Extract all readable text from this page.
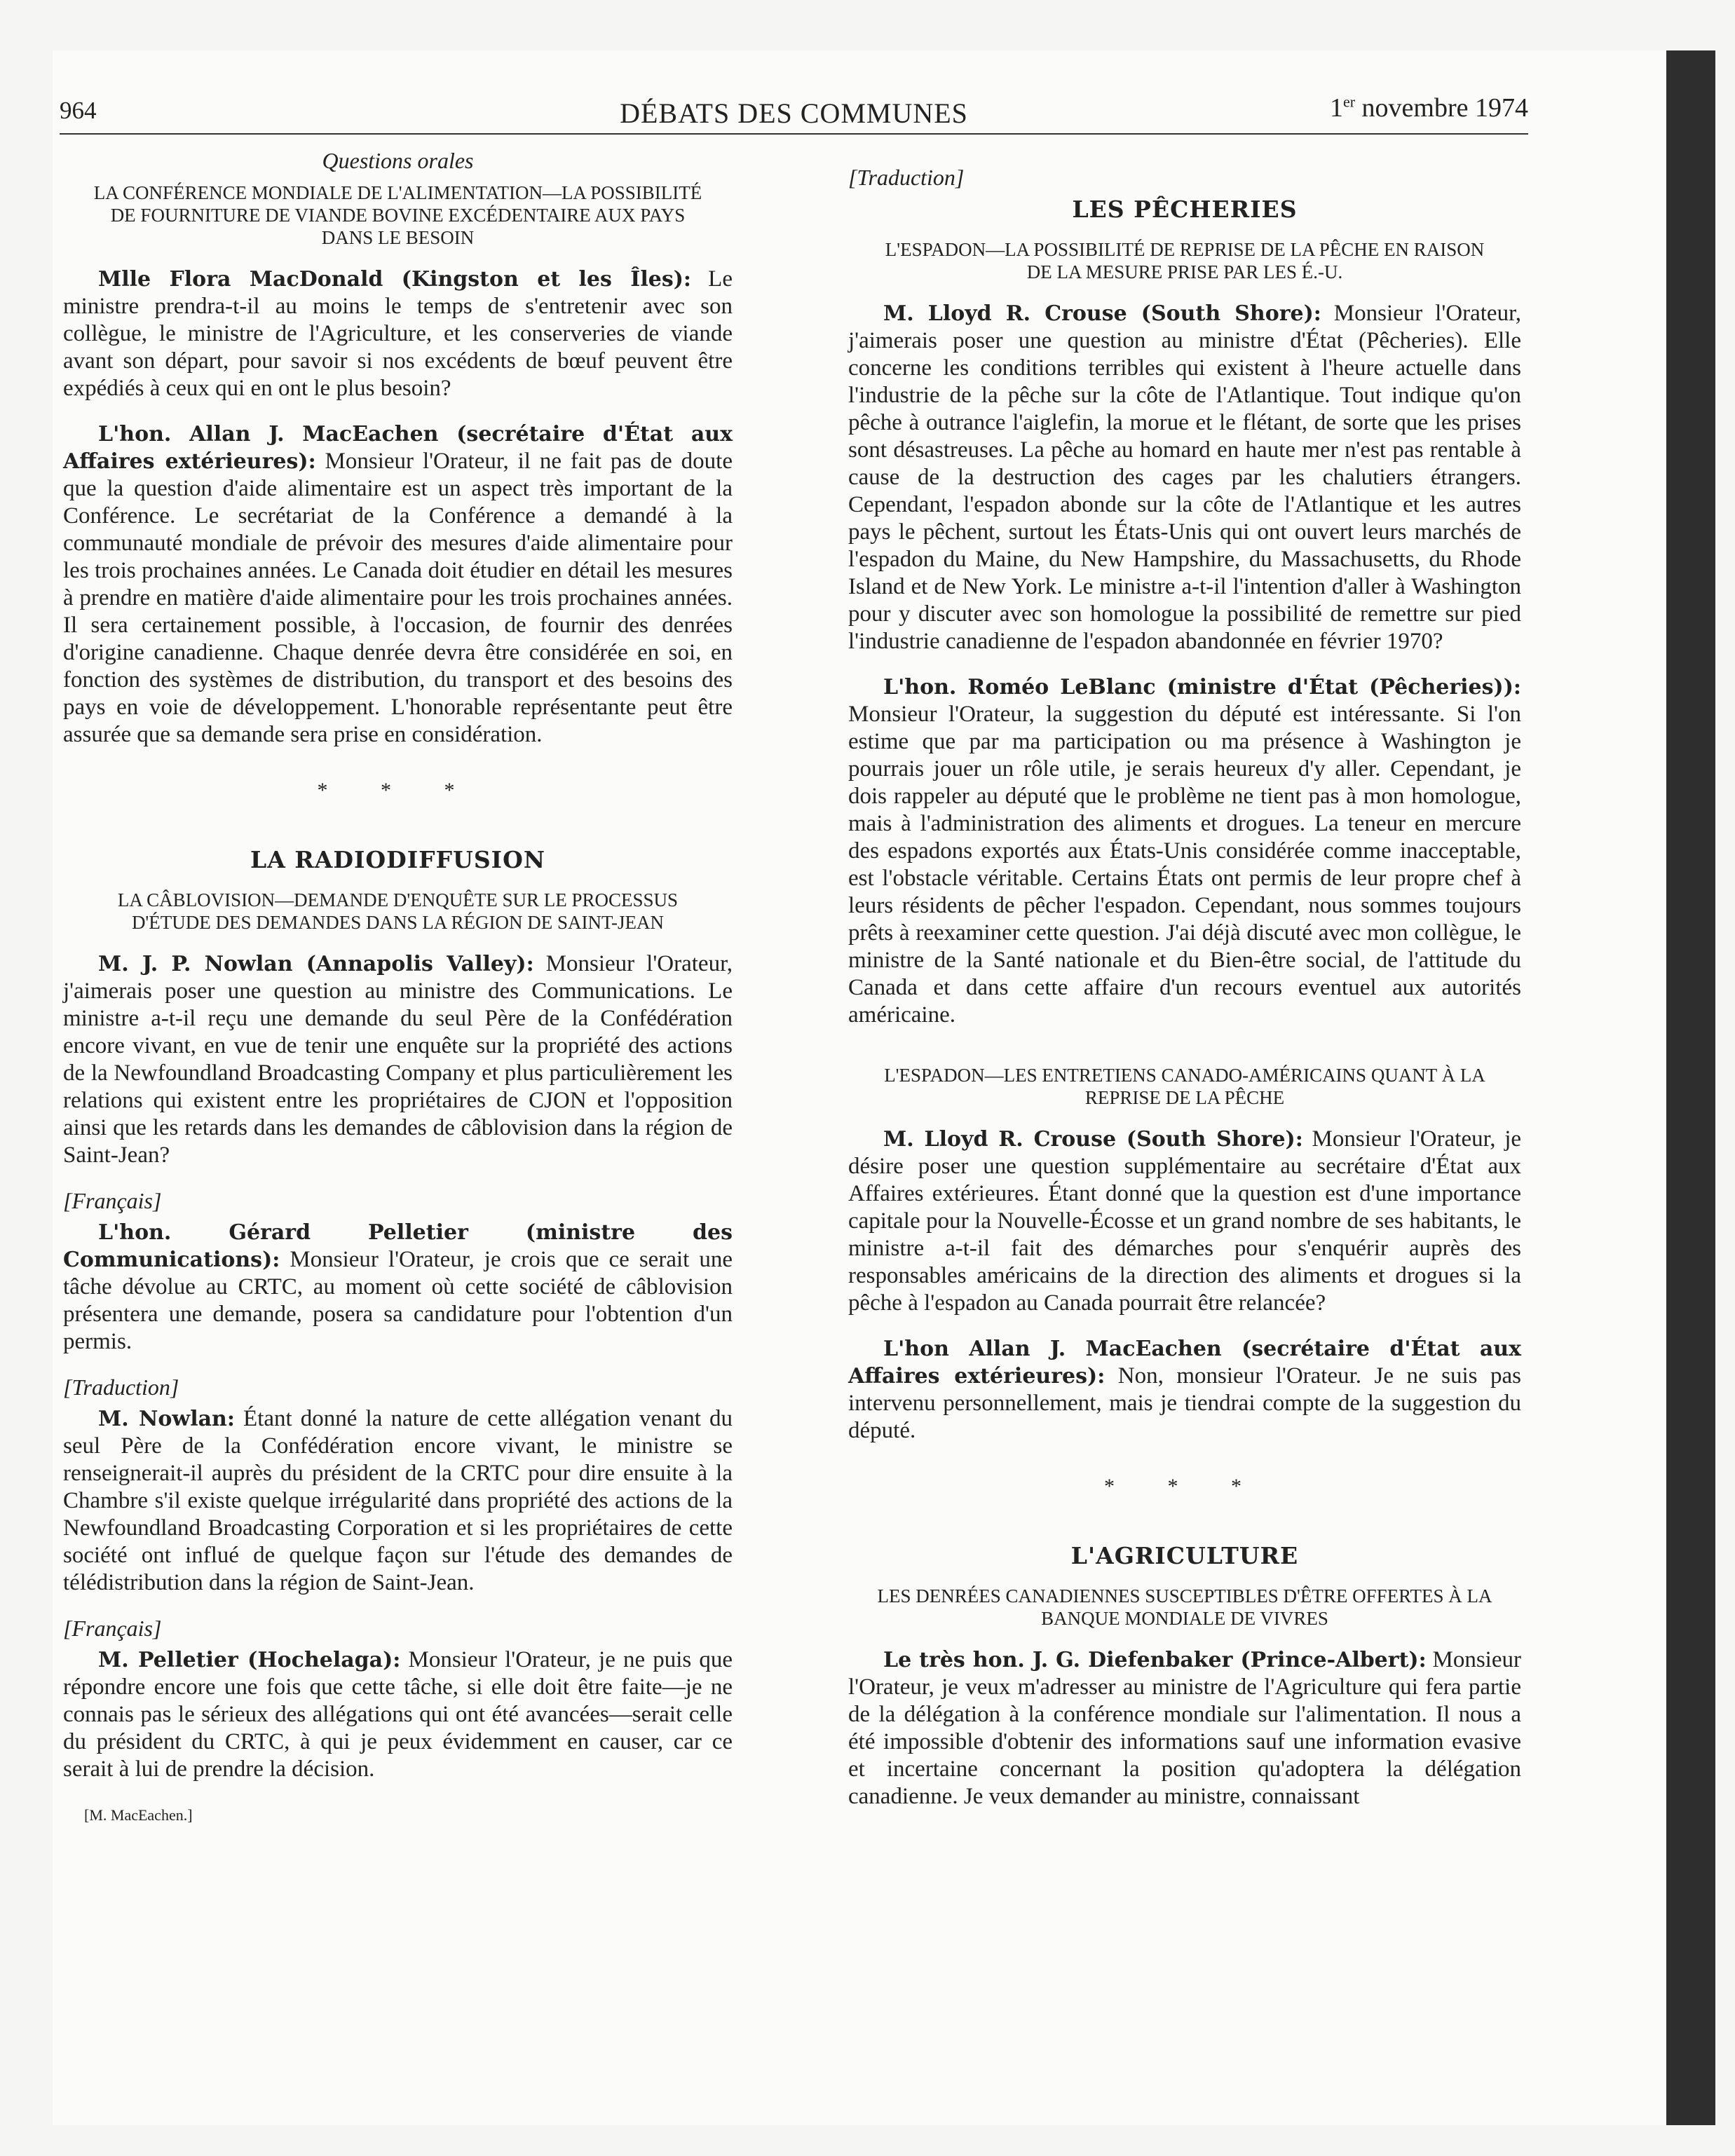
964	DÉBATS DES COMMUNES	1er novembre 1974
Questions orales
LA CONFÉRENCE MONDIALE DE L'ALIMENTATION—LA POSSIBILITÉ DE FOURNITURE DE VIANDE BOVINE EXCÉDENTAIRE AUX PAYS DANS LE BESOIN

Mlle Flora MacDonald (Kingston et les Îles): Le ministre prendra-t-il au moins le temps de s'entretenir avec son collègue, le ministre de l'Agriculture, et les conserveries de viande avant son départ, pour savoir si nos excédents de bœuf peuvent être expédiés à ceux qui en ont le plus besoin?

L'hon. Allan J. MacEachen (secrétaire d'État aux Affaires extérieures): Monsieur l'Orateur, il ne fait pas de doute que la question d'aide alimentaire est un aspect très important de la Conférence. Le secrétariat de la Conférence a demandé à la communauté mondiale de prévoir des mesures d'aide alimentaire pour les trois prochaines années. Le Canada doit étudier en détail les mesures à prendre en matière d'aide alimentaire pour les trois prochaines années. Il sera certainement possible, à l'occasion, de fournir des denrées d'origine canadienne. Chaque denrée devra être considérée en soi, en fonction des systèmes de distribution, du transport et des besoins des pays en voie de développement. L'honorable représentante peut être assurée que sa demande sera prise en considération.

* * *
LA RADIODIFFUSION
LA CÂBLOVISION—DEMANDE D'ENQUÊTE SUR LE PROCESSUS D'ÉTUDE DES DEMANDES DANS LA RÉGION DE SAINT-JEAN

M. J. P. Nowlan (Annapolis Valley): Monsieur l'Orateur, j'aimerais poser une question au ministre des Communications. Le ministre a-t-il reçu une demande du seul Père de la Confédération encore vivant, en vue de tenir une enquête sur la propriété des actions de la Newfoundland Broadcasting Company et plus particulièrement les relations qui existent entre les propriétaires de CJON et l'opposition ainsi que les retards dans les demandes de câblovision dans la région de Saint-Jean?

[Français]

L'hon. Gérard Pelletier (ministre des Communications): Monsieur l'Orateur, je crois que ce serait une tâche dévolue au CRTC, au moment où cette société de câblovision présentera une demande, posera sa candidature pour l'obtention d'un permis.

[Traduction]

M. Nowlan: Étant donné la nature de cette allégation venant du seul Père de la Confédération encore vivant, le ministre se renseignerait-il auprès du président de la CRTC pour dire ensuite à la Chambre s'il existe quelque irrégularité dans propriété des actions de la Newfoundland Broadcasting Corporation et si les propriétaires de cette société ont influé de quelque façon sur l'étude des demandes de télédistribution dans la région de Saint-Jean.

[Français]

M. Pelletier (Hochelaga): Monsieur l'Orateur, je ne puis que répondre encore une fois que cette tâche, si elle doit être faite—je ne connais pas le sérieux des allégations qui ont été avancées—serait celle du président du CRTC, à qui je peux évidemment en causer, car ce serait à lui de prendre la décision.

[M. MacEachen.]
[Traduction]
LES PÊCHERIES
L'ESPADON—LA POSSIBILITÉ DE REPRISE DE LA PÊCHE EN RAISON DE LA MESURE PRISE PAR LES É.-U.

M. Lloyd R. Crouse (South Shore): Monsieur l'Orateur, j'aimerais poser une question au ministre d'État (Pêcheries). Elle concerne les conditions terribles qui existent à l'heure actuelle dans l'industrie de la pêche sur la côte de l'Atlantique. Tout indique qu'on pêche à outrance l'aiglefin, la morue et le flétant, de sorte que les prises sont désastreuses. La pêche au homard en haute mer n'est pas rentable à cause de la destruction des cages par les chalutiers étrangers. Cependant, l'espadon abonde sur la côte de l'Atlantique et les autres pays le pêchent, surtout les États-Unis qui ont ouvert leurs marchés de l'espadon du Maine, du New Hampshire, du Massachusetts, du Rhode Island et de New York. Le ministre a-t-il l'intention d'aller à Washington pour y discuter avec son homologue la possibilité de remettre sur pied l'industrie canadienne de l'espadon abandonnée en février 1970?

L'hon. Roméo LeBlanc (ministre d'État (Pêcheries)): Monsieur l'Orateur, la suggestion du député est intéressante. Si l'on estime que par ma participation ou ma présence à Washington je pourrais jouer un rôle utile, je serais heureux d'y aller. Cependant, je dois rappeler au député que le problème ne tient pas à mon homologue, mais à l'administration des aliments et drogues. La teneur en mercure des espadons exportés aux États-Unis considérée comme inacceptable, est l'obstacle véritable. Certains États ont permis de leur propre chef à leurs résidents de pêcher l'espadon. Cependant, nous sommes toujours prêts à reexaminer cette question. J'ai déjà discuté avec mon collègue, le ministre de la Santé nationale et du Bien-être social, de l'attitude du Canada et dans cette affaire d'un recours eventuel aux autorités américaine.

L'ESPADON—LES ENTRETIENS CANADO-AMÉRICAINS QUANT À LA REPRISE DE LA PÊCHE

M. Lloyd R. Crouse (South Shore): Monsieur l'Orateur, je désire poser une question supplémentaire au secrétaire d'État aux Affaires extérieures. Étant donné que la question est d'une importance capitale pour la Nouvelle-Écosse et un grand nombre de ses habitants, le ministre a-t-il fait des démarches pour s'enquérir auprès des responsables américains de la direction des aliments et drogues si la pêche à l'espadon au Canada pourrait être relancée?

L'hon Allan J. MacEachen (secrétaire d'État aux Affaires extérieures): Non, monsieur l'Orateur. Je ne suis pas intervenu personnellement, mais je tiendrai compte de la suggestion du député.

* * *
L'AGRICULTURE
LES DENRÉES CANADIENNES SUSCEPTIBLES D'ÊTRE OFFERTES À LA BANQUE MONDIALE DE VIVRES

Le très hon. J. G. Diefenbaker (Prince-Albert): Monsieur l'Orateur, je veux m'adresser au ministre de l'Agriculture qui fera partie de la délégation à la conférence mondiale sur l'alimentation. Il nous a été impossible d'obtenir des informations sauf une information evasive et incertaine concernant la position qu'adoptera la délégation canadienne. Je veux demander au ministre, connaissant
